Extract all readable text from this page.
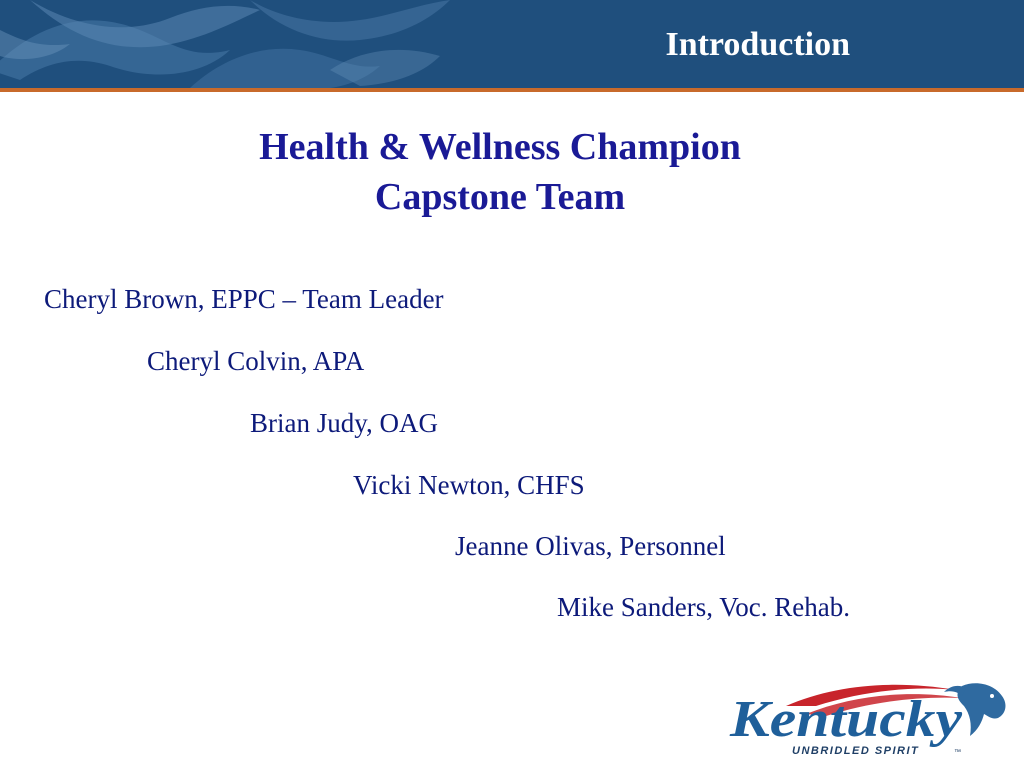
Introduction
Health & Wellness Champion
Capstone Team
Cheryl Brown, EPPC – Team Leader
Cheryl Colvin, APA
Brian Judy, OAG
Vicki Newton, CHFS
Jeanne Olivas, Personnel
Mike Sanders, Voc. Rehab.
Kentucky
UNBRIDLED SPIRIT	™
